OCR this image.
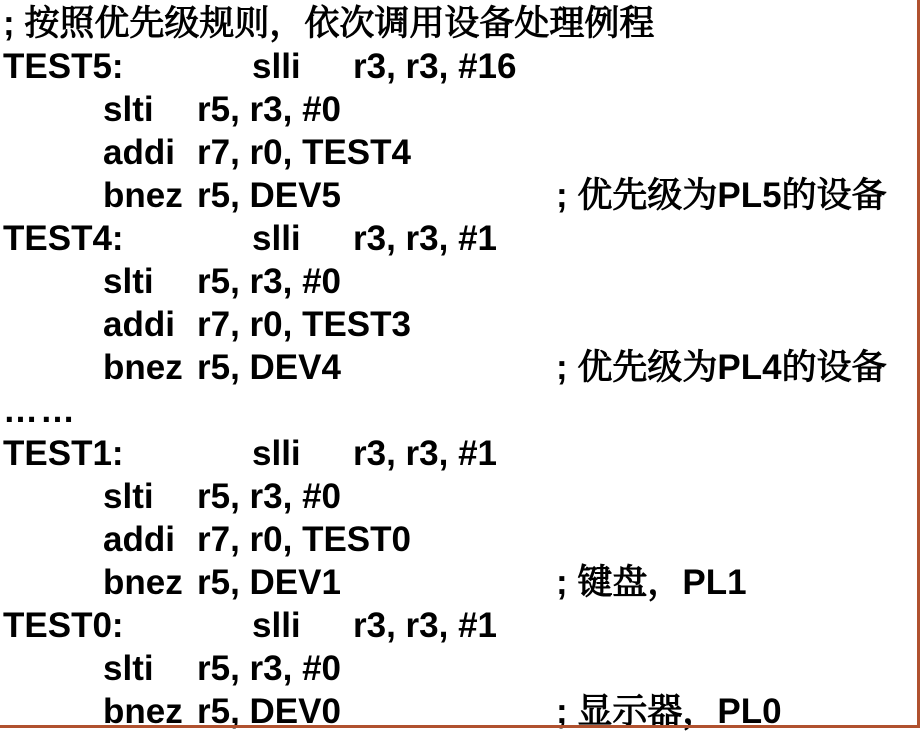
; 按照优先级规则，依次调用设备处理例程
TEST5:	slli r3, r3, #16
slti r5, r3, #0
addi r7, r0, TEST4
bnez r5, DEV5	; 优先级为PL5的设备
TEST4:	slli r3, r3, #1
slti r5, r3, #0
addi r7, r0, TEST3
bnez r5, DEV4	; 优先级为PL4的设备
……
TEST1:	slli r3, r3, #1
slti r5, r3, #0
addi r7, r0, TEST0
bnez r5, DEV1	; 键盘，PL1
TEST0:	slli r3, r3, #1
slti r5, r3, #0
bnez r5, DEV0	; 显示器，PL0
